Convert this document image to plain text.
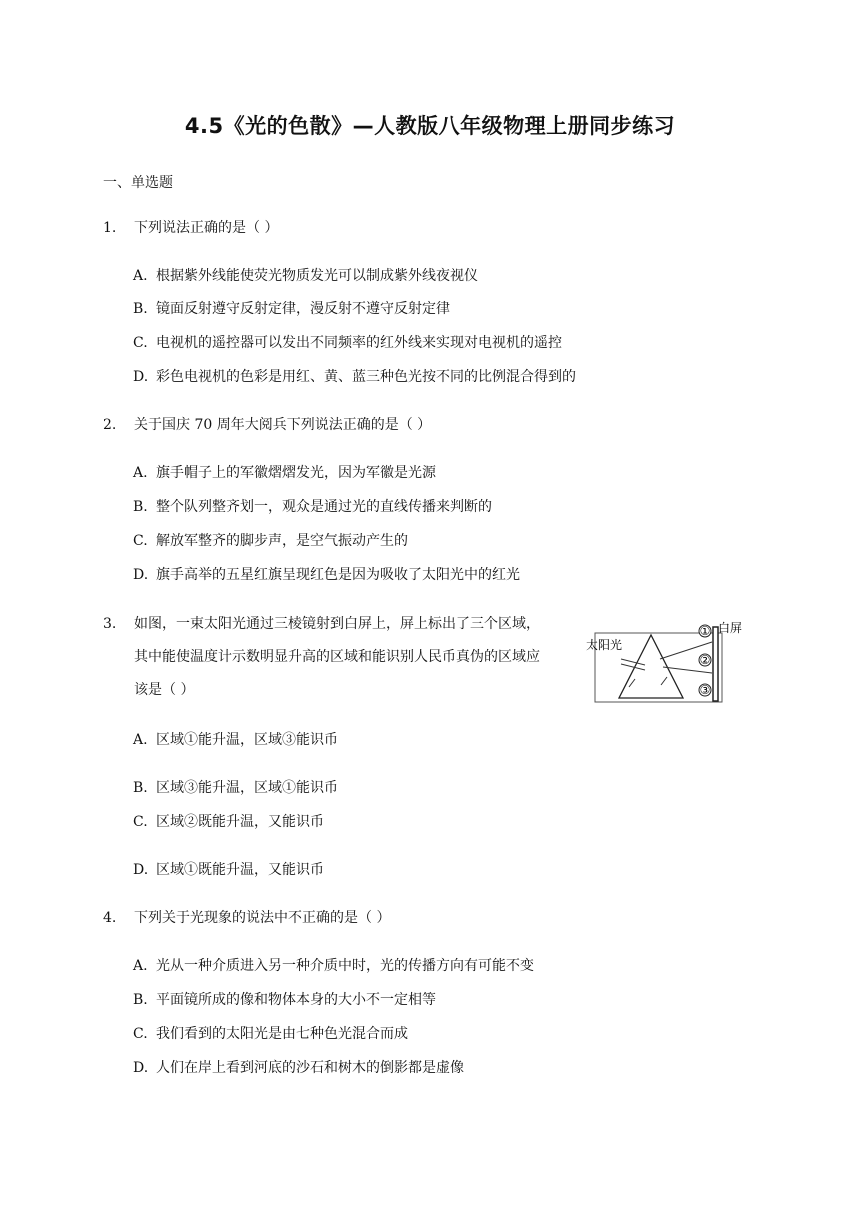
4.5《光的色散》—人教版八年级物理上册同步练习
一、单选题
1. 下列说法正确的是（ ）
A. 根据紫外线能使荧光物质发光可以制成紫外线夜视仪
B. 镜面反射遵守反射定律，漫反射不遵守反射定律
C. 电视机的遥控器可以发出不同频率的红外线来实现对电视机的遥控
D. 彩色电视机的色彩是用红、黄、蓝三种色光按不同的比例混合得到的
2. 关于国庆 70 周年大阅兵下列说法正确的是（ ）
A. 旗手帽子上的军徽熠熠发光，因为军徽是光源
B. 整个队列整齐划一，观众是通过光的直线传播来判断的
C. 解放军整齐的脚步声，是空气振动产生的
D. 旗手高举的五星红旗呈现红色是因为吸收了太阳光中的红光
3. 如图，一束太阳光通过三棱镜射到白屏上，屏上标出了三个区域，
其中能使温度计示数明显升高的区域和能识别人民币真伪的区域应
该是（ ）
①
②
③
太阳光
白屏
A. 区域①能升温，区域③能识币
B. 区域③能升温，区域①能识币
C. 区域②既能升温，又能识币
D. 区域①既能升温，又能识币
4. 下列关于光现象的说法中不正确的是（ ）
A. 光从一种介质进入另一种介质中时，光的传播方向有可能不变
B. 平面镜所成的像和物体本身的大小不一定相等
C. 我们看到的太阳光是由七种色光混合而成
D. 人们在岸上看到河底的沙石和树木的倒影都是虚像
